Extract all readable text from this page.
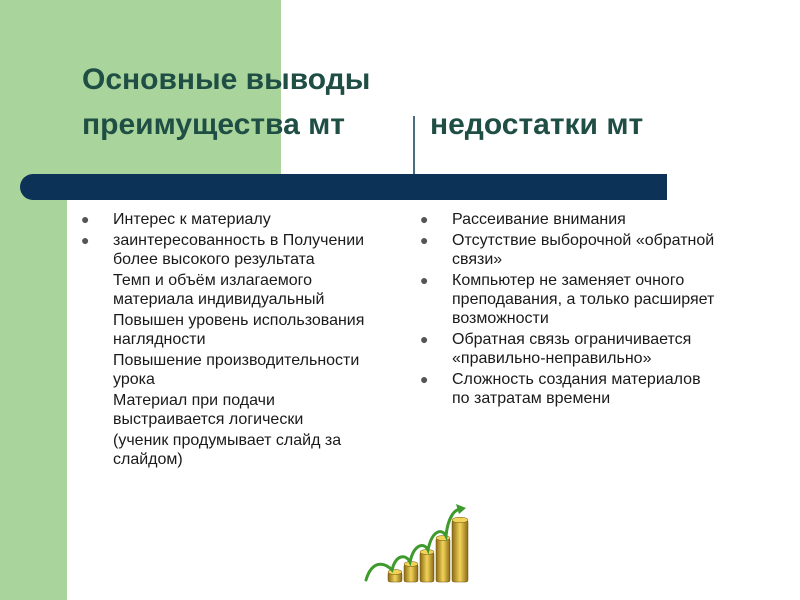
Основные выводы
преимущества мт	недостатки мт
● Интерес к материалу
● заинтересованность в Получении более высокого результата
Темп и объём излагаемого материала индивидуальный
Повышен уровень использования наглядности
Повышение производительности урока
Материал при подачи выстраивается логически
(ученик продумывает слайд за слайдом)
● Рассеивание внимания
● Отсутствие выборочной «обратной связи»
● Компьютер не заменяет очного преподавания, а только расширяет возможности
● Обратная связь ограничивается «правильно-неправильно»
● Сложность создания материалов по затратам времени
